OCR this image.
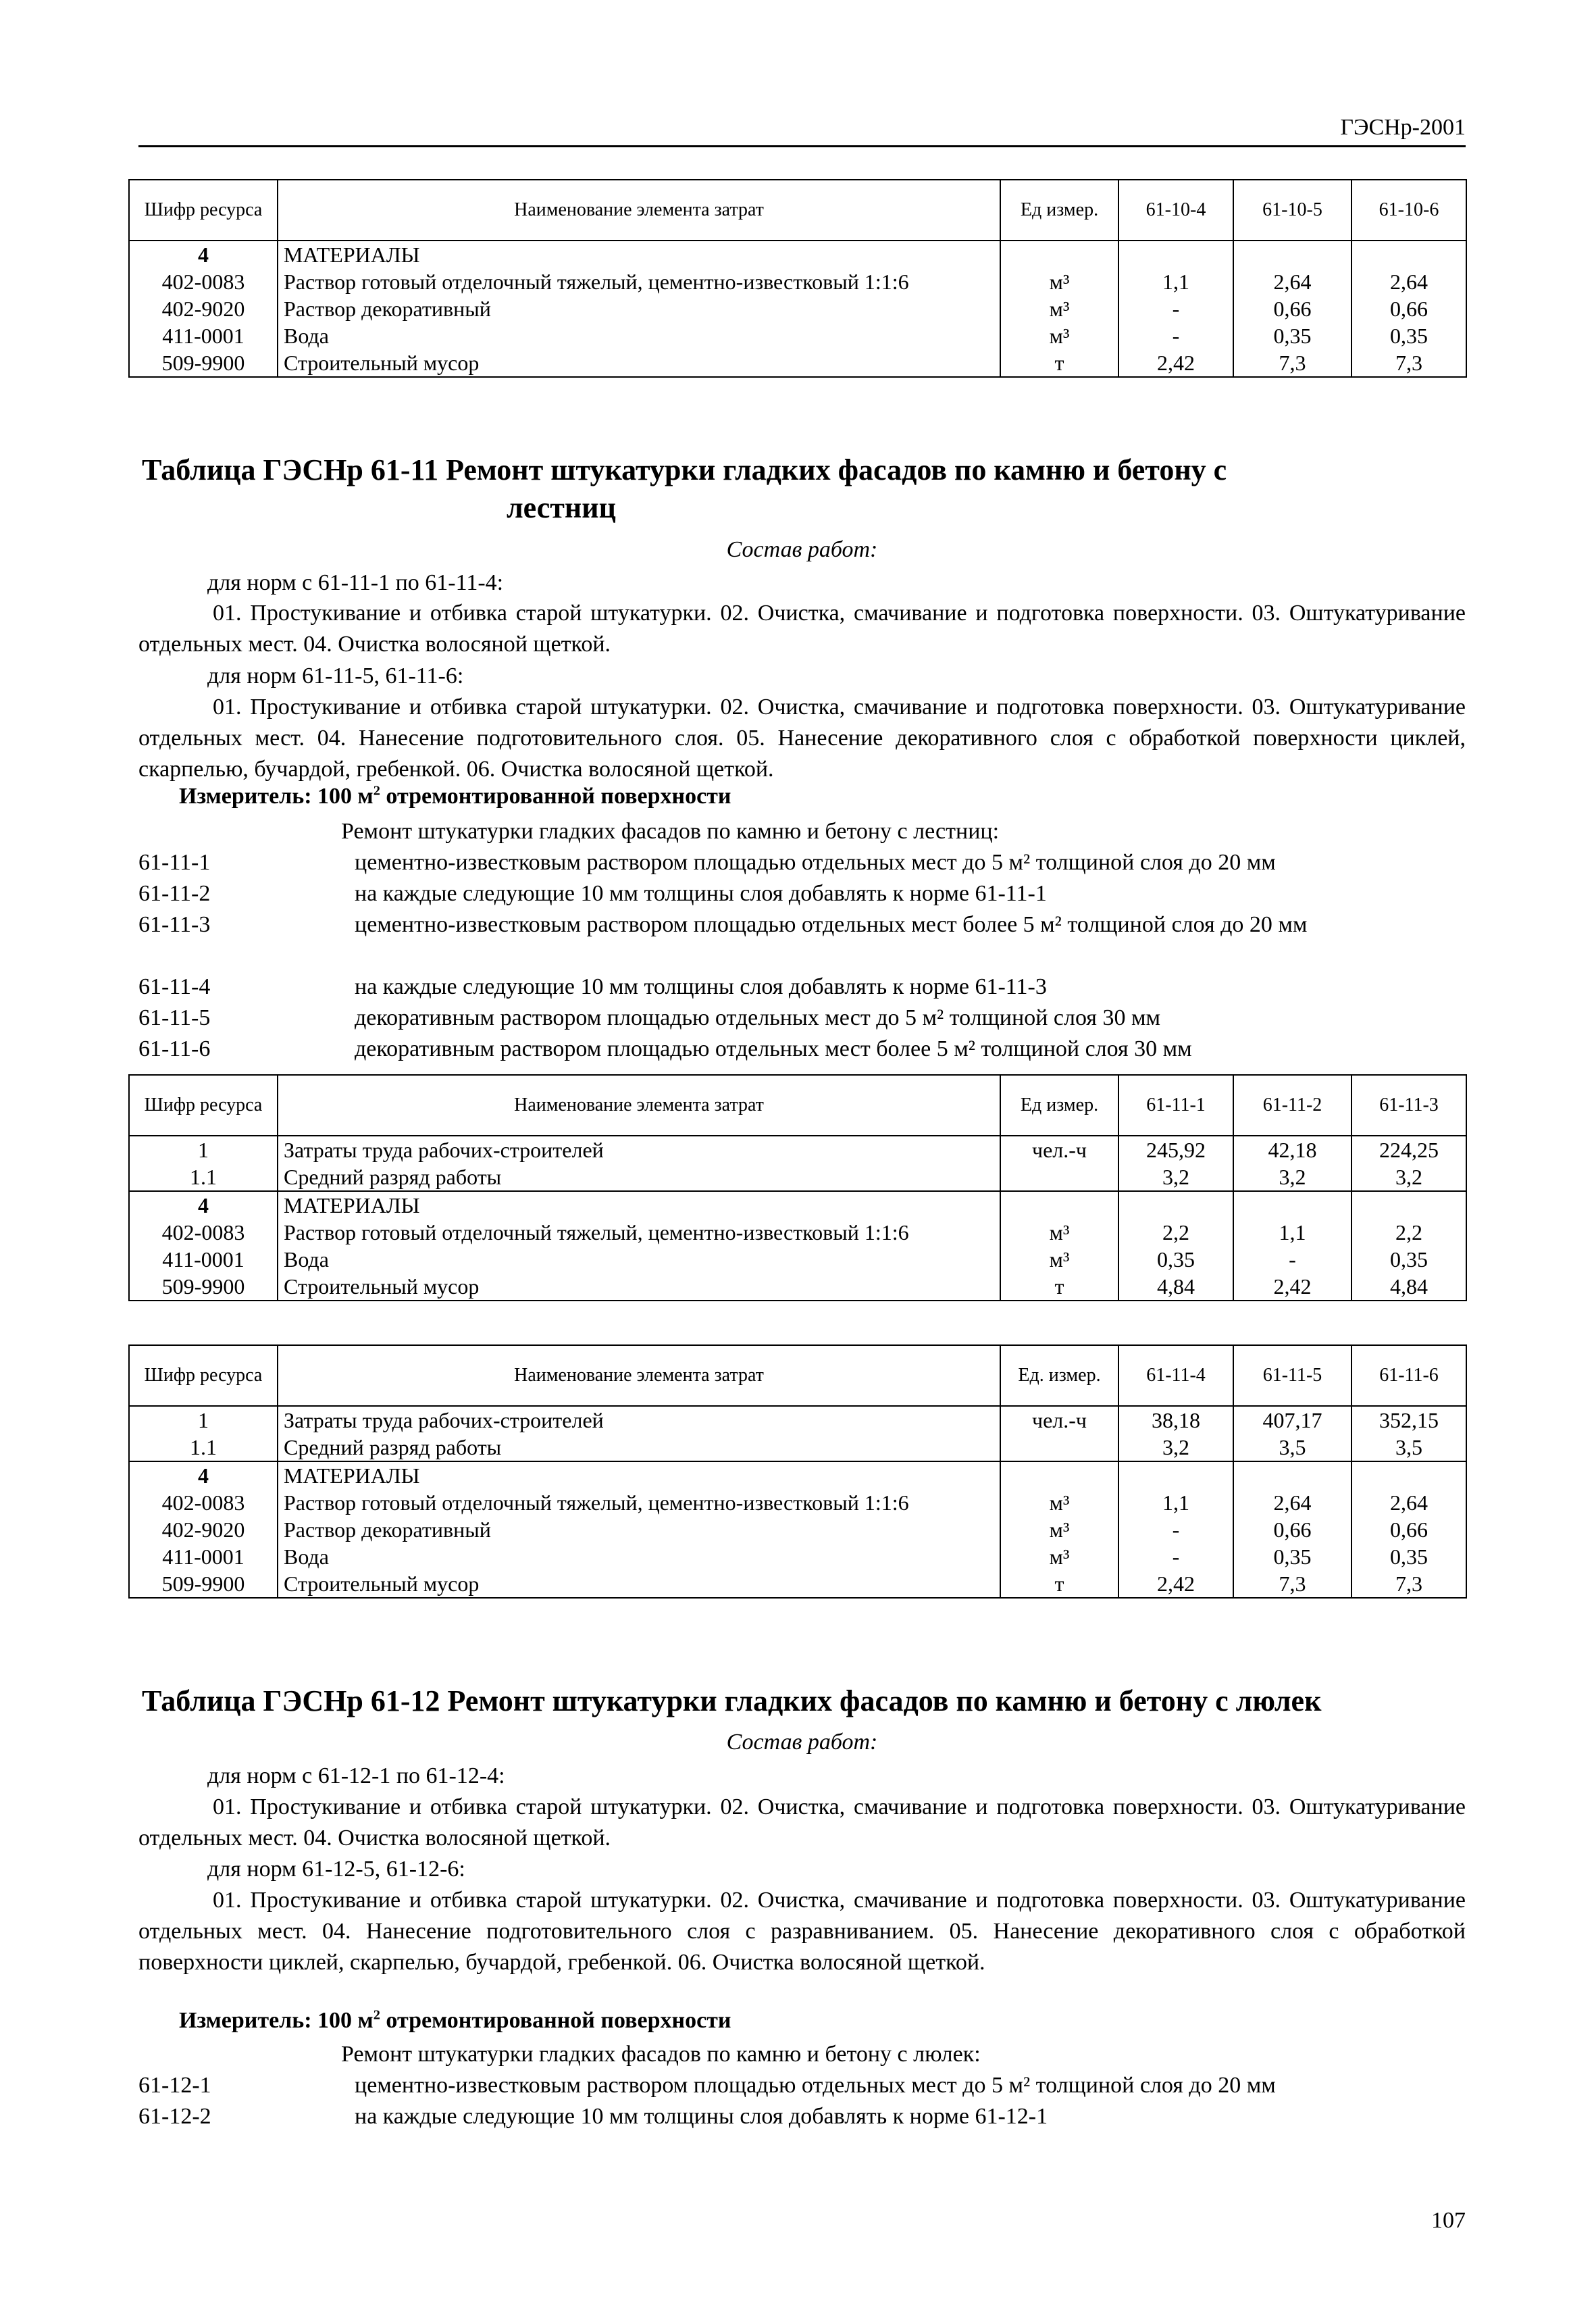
ГЭСНр-2001
Шифр ресурса	Наименование элемента затрат	Ед измер.	61-10-4	61-10-5	61-10-6
4	МАТЕРИАЛЫ				
402-0083	Раствор готовый отделочный тяжелый, цементно-известковый 1:1:6	м³	1,1	2,64	2,64
402-9020	Раствор декоративный	м³	-	0,66	0,66
411-0001	Вода	м³	-	0,35	0,35
509-9900	Строительный мусор	т	2,42	7,3	7,3
Таблица ГЭСНр 61-11 Ремонт штукатурки гладких фасадов по камню и бетону с
лестниц
Состав работ:
для норм с 61-11-1 по 61-11-4:
01. Простукивание и отбивка старой штукатурки. 02. Очистка, смачивание и подготовка поверхности. 03. Оштукатуривание отдельных мест. 04. Очистка волосяной щеткой.
для норм 61-11-5, 61-11-6:
01. Простукивание и отбивка старой штукатурки. 02. Очистка, смачивание и подготовка поверхности. 03. Оштукатуривание отдельных мест. 04. Нанесение подготовительного слоя. 05. Нанесение декоративного слоя с обработкой поверхности циклей, скарпелью, бучардой, гребенкой. 06. Очистка волосяной щеткой.
Измеритель: 100 $м^2$ отремонтированной поверхности
Ремонт штукатурки гладких фасадов по камню и бетону с лестниц:
61-11-1	цементно-известковым раствором площадью отдельных мест до 5 м² толщиной слоя до 20 мм
61-11-2	на каждые следующие 10 мм толщины слоя добавлять к норме 61-11-1
61-11-3	цементно-известковым раствором площадью отдельных мест более 5 м² толщиной слоя до 20 мм
61-11-4	на каждые следующие 10 мм толщины слоя добавлять к норме 61-11-3
61-11-5	декоративным раствором площадью отдельных мест до 5 м² толщиной слоя 30 мм
61-11-6	декоративным раствором площадью отдельных мест более 5 м² толщиной слоя 30 мм
Шифр ресурса	Наименование элемента затрат	Ед измер.	61-11-1	61-11-2	61-11-3
1	Затраты труда рабочих-строителей	чел.-ч	245,92	42,18	224,25
1.1	Средний разряд работы		3,2	3,2	3,2
4	МАТЕРИАЛЫ				
402-0083	Раствор готовый отделочный тяжелый, цементно-известковый 1:1:6	м³	2,2	1,1	2,2
411-0001	Вода	м³	0,35	-	0,35
509-9900	Строительный мусор	т	4,84	2,42	4,84
Шифр ресурса	Наименование элемента затрат	Ед. измер.	61-11-4	61-11-5	61-11-6
1	Затраты труда рабочих-строителей	чел.-ч	38,18	407,17	352,15
1.1	Средний разряд работы		3,2	3,5	3,5
4	МАТЕРИАЛЫ				
402-0083	Раствор готовый отделочный тяжелый, цементно-известковый 1:1:6	м³	1,1	2,64	2,64
402-9020	Раствор декоративный	м³	-	0,66	0,66
411-0001	Вода	м³	-	0,35	0,35
509-9900	Строительный мусор	т	2,42	7,3	7,3
Таблица ГЭСНр 61-12 Ремонт штукатурки гладких фасадов по камню и бетону с люлек
Состав работ:
для норм с 61-12-1 по 61-12-4:
01. Простукивание и отбивка старой штукатурки. 02. Очистка, смачивание и подготовка поверхности. 03. Оштукатуривание отдельных мест. 04. Очистка волосяной щеткой.
для норм 61-12-5, 61-12-6:
01. Простукивание и отбивка старой штукатурки. 02. Очистка, смачивание и подготовка поверхности. 03. Оштукатуривание отдельных мест. 04. Нанесение подготовительного слоя с разравниванием. 05. Нанесение декоративного слоя с обработкой поверхности циклей, скарпелью, бучардой, гребенкой. 06. Очистка волосяной щеткой.
Измеритель: 100 $м^2$ отремонтированной поверхности
Ремонт штукатурки гладких фасадов по камню и бетону с люлек:
61-12-1	цементно-известковым раствором площадью отдельных мест до 5 м² толщиной слоя до 20 мм
61-12-2	на каждые следующие 10 мм толщины слоя добавлять к норме 61-12-1
107
